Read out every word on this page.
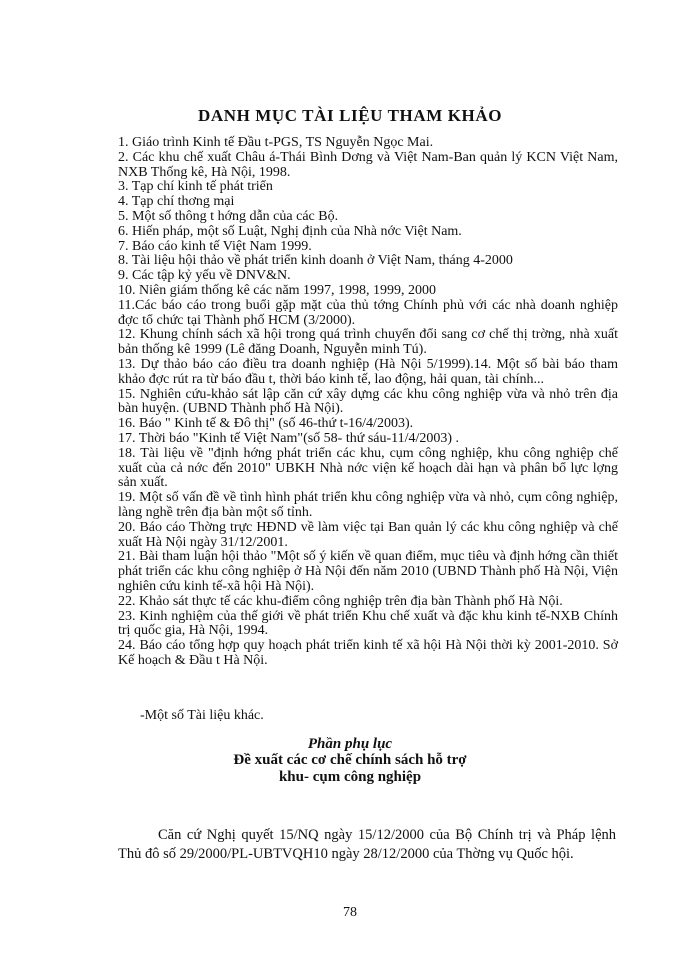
DANH MỤC TÀI LIỆU THAM KHẢO

1. Giáo trình Kinh tế Đầu t-PGS, TS Nguyễn Ngọc Mai.

2. Các khu chế xuất Châu á-Thái Bình Dơng và Việt Nam-Ban quản lý KCN Việt Nam, NXB Thống kê, Hà Nội, 1998.

3. Tạp chí kinh tế phát triển

4. Tạp chí thơng mại

5. Một số thông t hớng dẫn của các Bộ.

6. Hiến pháp, một số Luật, Nghị định của Nhà nớc Việt Nam.

7. Báo cáo kinh tế Việt Nam 1999.

8. Tài liệu hội thảo về phát triển kinh doanh ở Việt Nam, tháng 4-2000

9. Các tập kỷ yếu về DNV&N.

10. Niên giám thống kê các năm 1997, 1998, 1999, 2000

11.Các báo cáo trong buổi gặp mặt của thủ tớng Chính phủ với các nhà doanh nghiệp đợc tổ chức tại Thành phố HCM (3/2000).

12. Khung chính sách xã hội trong quá trình chuyển đổi sang cơ chế thị trờng, nhà xuất bản thống kê 1999 (Lê đăng Doanh, Nguyễn minh Tú).

13. Dự thảo báo cáo điều tra doanh nghiệp (Hà Nội 5/1999).14. Một số bài báo tham khảo đợc rút ra từ báo đầu t, thời báo kinh tế, lao động, hải quan, tài chính...

15. Nghiên cứu-khảo sát lập căn cứ xây dựng các khu công nghiệp vừa và nhỏ trên địa bàn huyện. (UBND Thành phố Hà Nội).

16. Báo " Kinh tế & Đô thị" (số 46-thứ t-16/4/2003).

17. Thời báo "Kinh tế Việt Nam"(số 58- thứ sáu-11/4/2003) .

18. Tài liệu về "định hớng phát triển các khu, cụm công nghiệp, khu công nghiệp chế xuất của cả nớc đến 2010" UBKH Nhà nớc viện kế hoạch dài hạn và phân bổ lực lợng sản xuất.

19. Một số vấn đề về tình hình phát triển khu công nghiệp vừa và nhỏ, cụm công nghiệp, làng nghề trên địa bàn một số tỉnh.

20. Báo cáo Thờng trực HĐND về làm việc tại Ban quản lý các khu công nghiệp và chế xuất Hà Nội ngày 31/12/2001.

21. Bài tham luận hội thảo "Một số ý kiến về quan điểm, mục tiêu và định hớng cần thiết phát triển các khu công nghiệp ở Hà Nội đến năm 2010 (UBND Thành phố Hà Nội, Viện nghiên cứu kinh tế-xã hội Hà Nội).

22. Khảo sát thực tế các khu-điểm công nghiệp trên địa bàn Thành phố Hà Nội.

23. Kinh nghiệm của thế giới về phát triển Khu chế xuất và đặc khu kinh tế-NXB Chính trị quốc gia, Hà Nội, 1994.

24. Báo cáo tổng hợp quy hoạch phát triển kinh tế xã hội Hà Nội thời kỳ 2001-2010. Sở Kế hoạch & Đầu t Hà Nội.

-Một số Tài liệu khác.
Phần phụ lục
Đề xuất các cơ chế chính sách hỗ trợ
khu- cụm công nghiệp
Căn cứ Nghị quyết 15/NQ ngày 15/12/2000 của Bộ Chính trị và Pháp lệnh Thủ đô số 29/2000/PL-UBTVQH10 ngày 28/12/2000 của Thờng vụ Quốc hội.
78
